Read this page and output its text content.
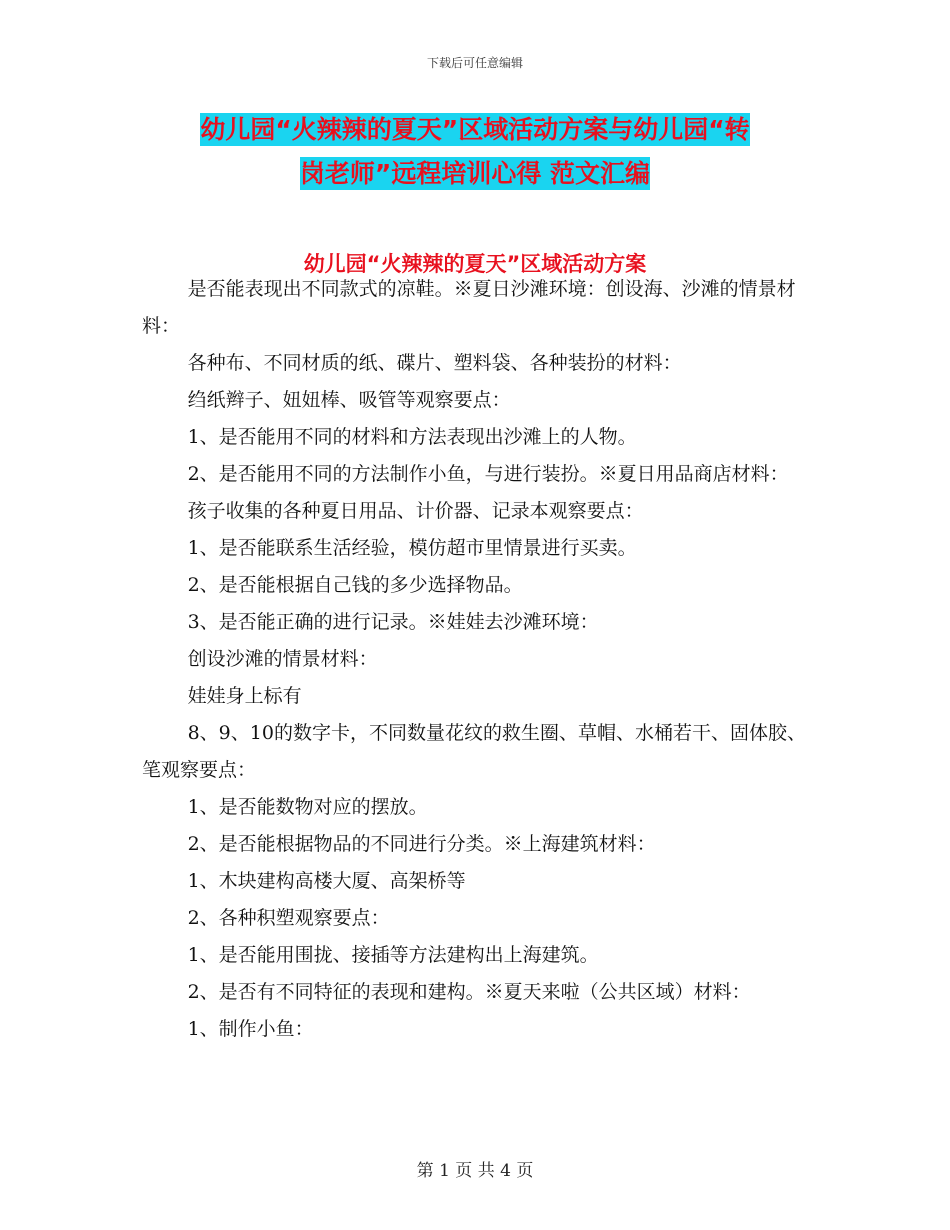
下载后可任意编辑
幼儿园“火辣辣的夏天”区域活动方案与幼儿园“转
岗老师”远程培训心得 范文汇编
幼儿园“火辣辣的夏天”区域活动方案

是否能表现出不同款式的凉鞋。※夏日沙滩环境：创设海、沙滩的情景材料：

各种布、不同材质的纸、碟片、塑料袋、各种装扮的材料：

绉纸辫子、妞妞棒、吸管等观察要点：

1、是否能用不同的材料和方法表现出沙滩上的人物。

2、是否能用不同的方法制作小鱼，与进行装扮。※夏日用品商店材料：

孩子收集的各种夏日用品、计价器、记录本观察要点：

1、是否能联系生活经验，模仿超市里情景进行买卖。

2、是否能根据自己钱的多少选择物品。

3、是否能正确的进行记录。※娃娃去沙滩环境：

创设沙滩的情景材料：

娃娃身上标有

8、9、10的数字卡，不同数量花纹的救生圈、草帽、水桶若干、固体胶、笔观察要点：

1、是否能数物对应的摆放。

2、是否能根据物品的不同进行分类。※上海建筑材料：

1、木块建构高楼大厦、高架桥等

2、各种积塑观察要点：

1、是否能用围拢、接插等方法建构出上海建筑。

2、是否有不同特征的表现和建构。※夏天来啦（公共区域）材料：

1、制作小鱼：

第 1 页 共 4 页
